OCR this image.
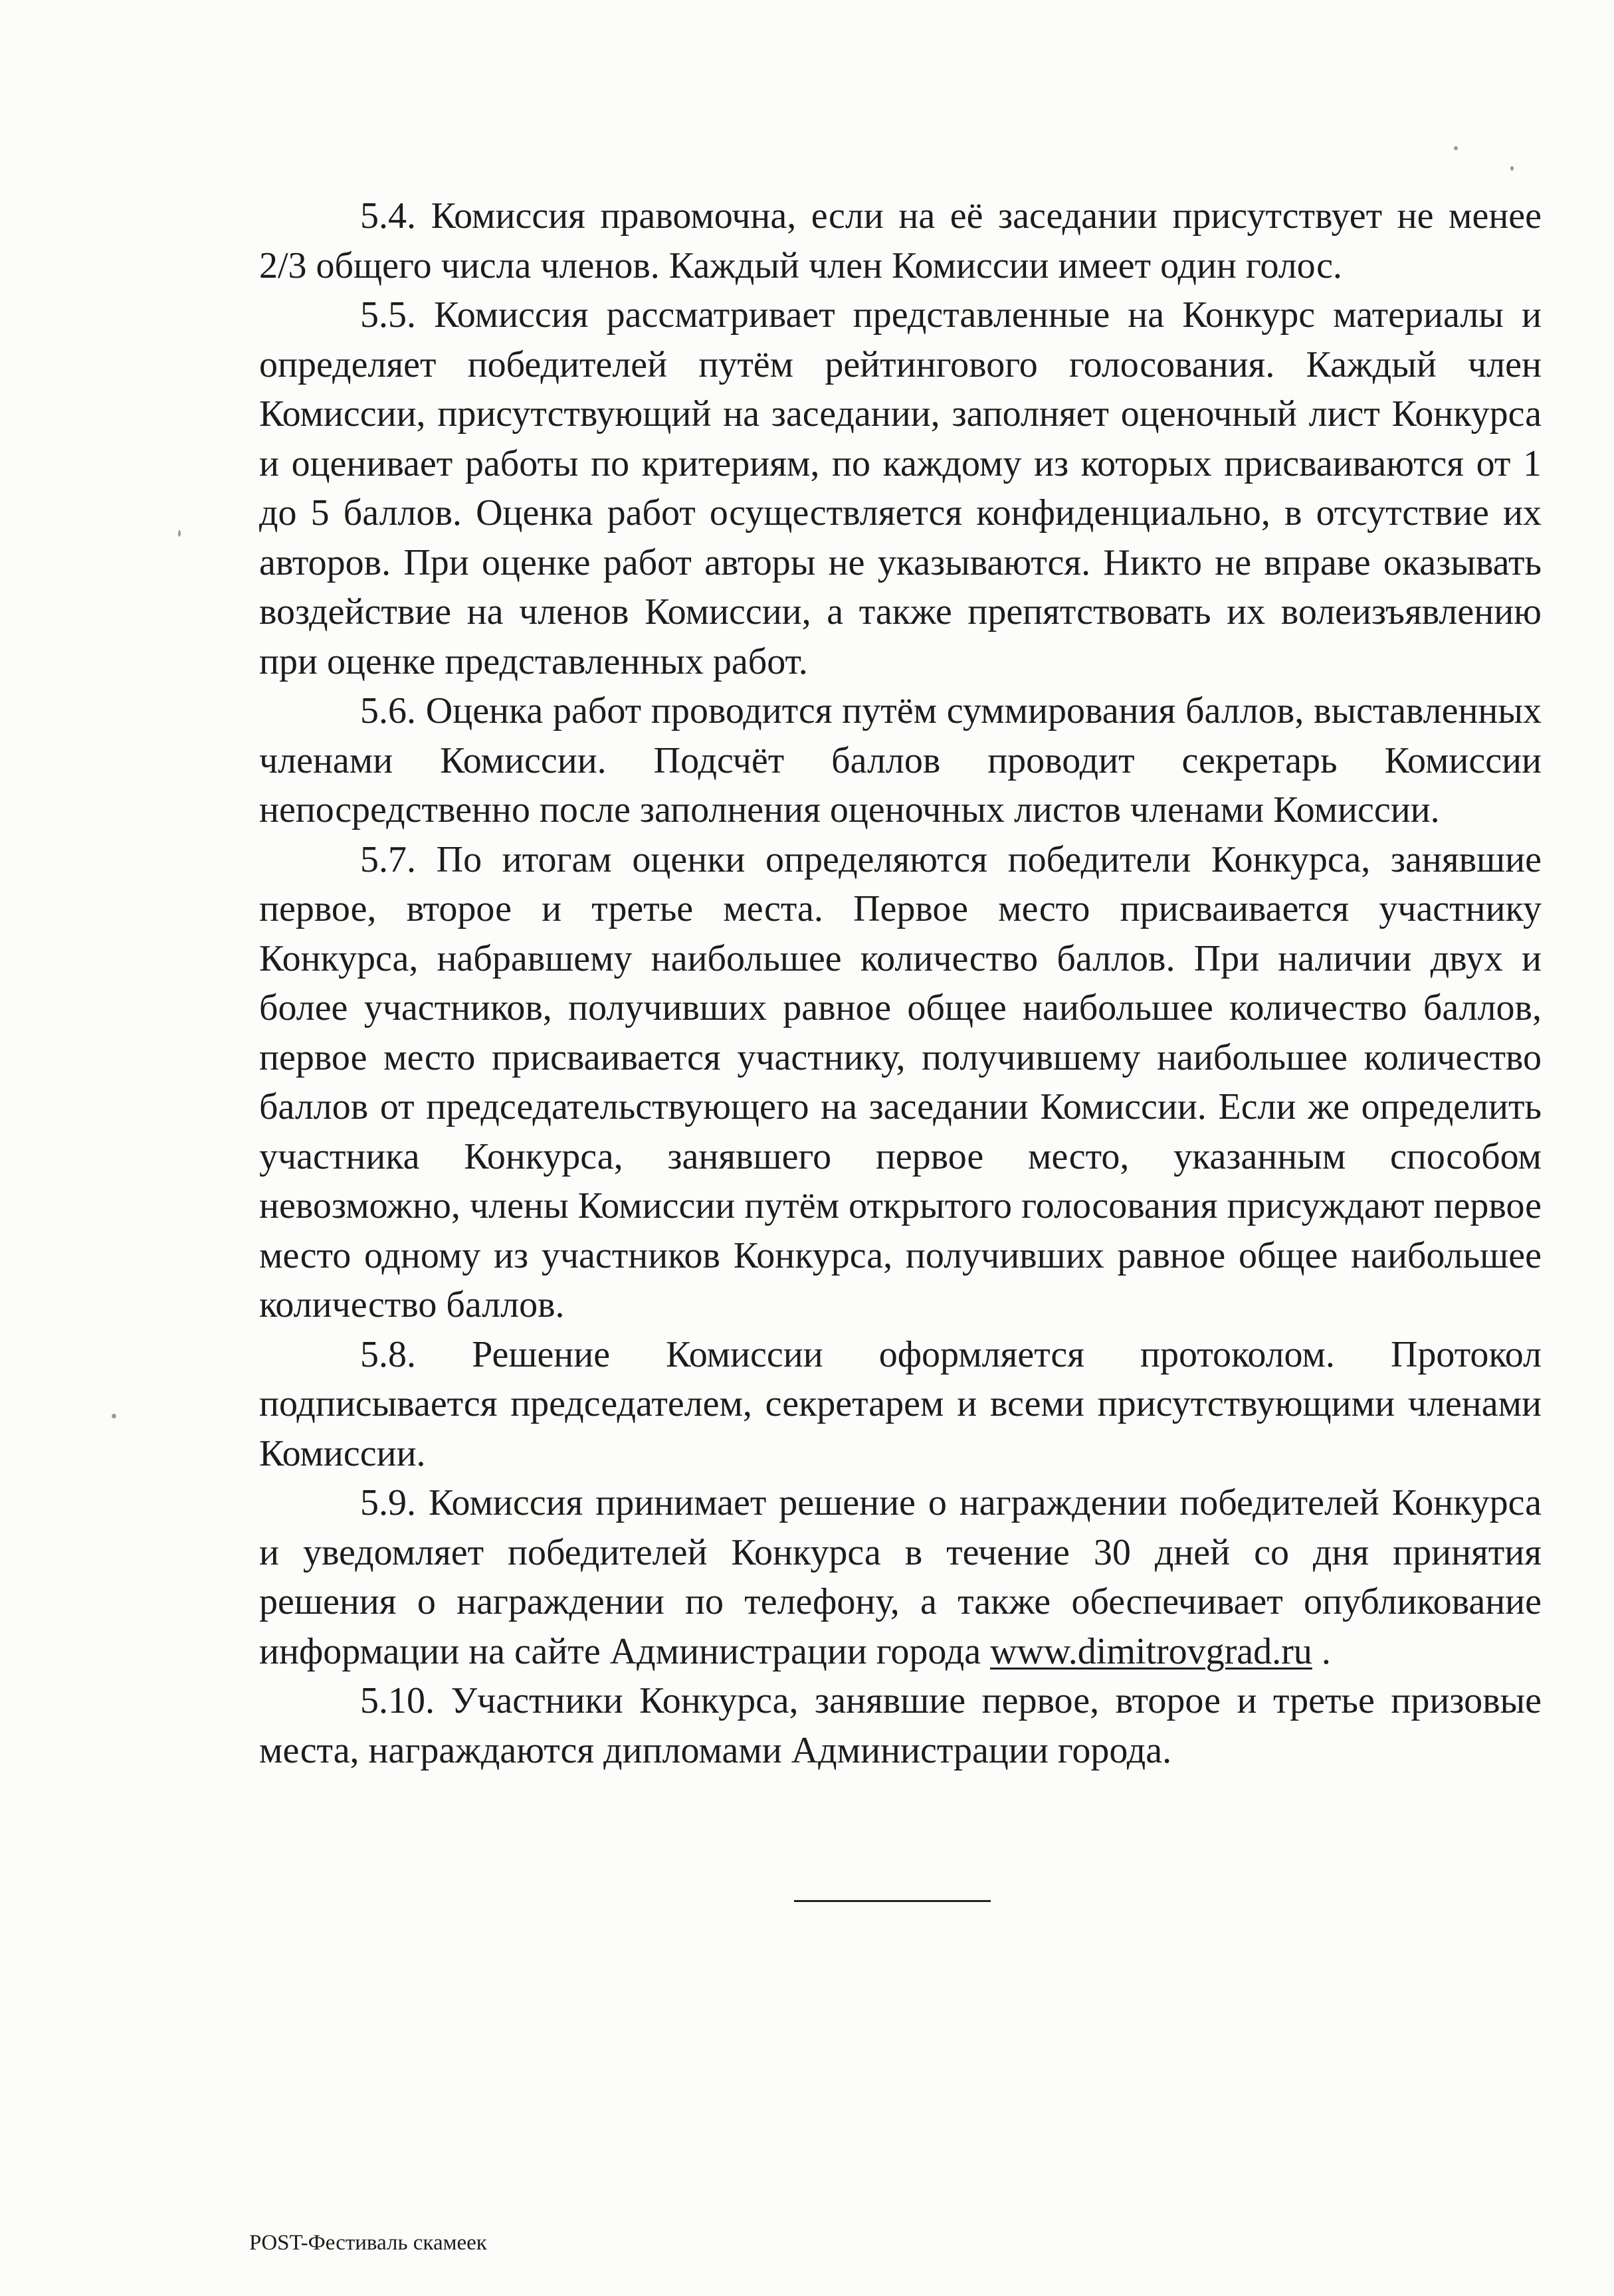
5.4. Комиссия правомочна, если на её заседании присутствует не менее 2/3 общего числа членов. Каждый член Комиссии имеет один голос.

5.5. Комиссия рассматривает представленные на Конкурс материалы и определяет победителей путём рейтингового голосования. Каждый член Комиссии, присутствующий на заседании, заполняет оценочный лист Конкурса и оценивает работы по критериям, по каждому из которых присваиваются от 1 до 5 баллов. Оценка работ осуществляется конфиденциально, в отсутствие их авторов. При оценке работ авторы не указываются. Никто не вправе оказывать воздействие на членов Комиссии, а также препятствовать их волеизъявлению при оценке представленных работ.

5.6. Оценка работ проводится путём суммирования баллов, выставленных членами Комиссии. Подсчёт баллов проводит секретарь Комиссии непосредственно после заполнения оценочных листов членами Комиссии.

5.7. По итогам оценки определяются победители Конкурса, занявшие первое, второе и третье места. Первое место присваивается участнику Конкурса, набравшему наибольшее количество баллов. При наличии двух и более участников, получивших равное общее наибольшее количество баллов, первое место присваивается участнику, получившему наибольшее количество баллов от председательствующего на заседании Комиссии. Если же определить участника Конкурса, занявшего первое место, указанным способом невозможно, члены Комиссии путём открытого голосования присуждают первое место одному из участников Конкурса, получивших равное общее наибольшее количество баллов.

5.8. Решение Комиссии оформляется протоколом. Протокол подписывается председателем, секретарем и всеми присутствующими членами Комиссии.

5.9. Комиссия принимает решение о награждении победителей Конкурса и уведомляет победителей Конкурса в течение 30 дней со дня принятия решения о награждении по телефону, а также обеспечивает опубликование информации на сайте Администрации города www.dimitrovgrad.ru .

5.10. Участники Конкурса, занявшие первое, второе и третье призовые места, награждаются дипломами Администрации города.

POST-Фестиваль скамеек
